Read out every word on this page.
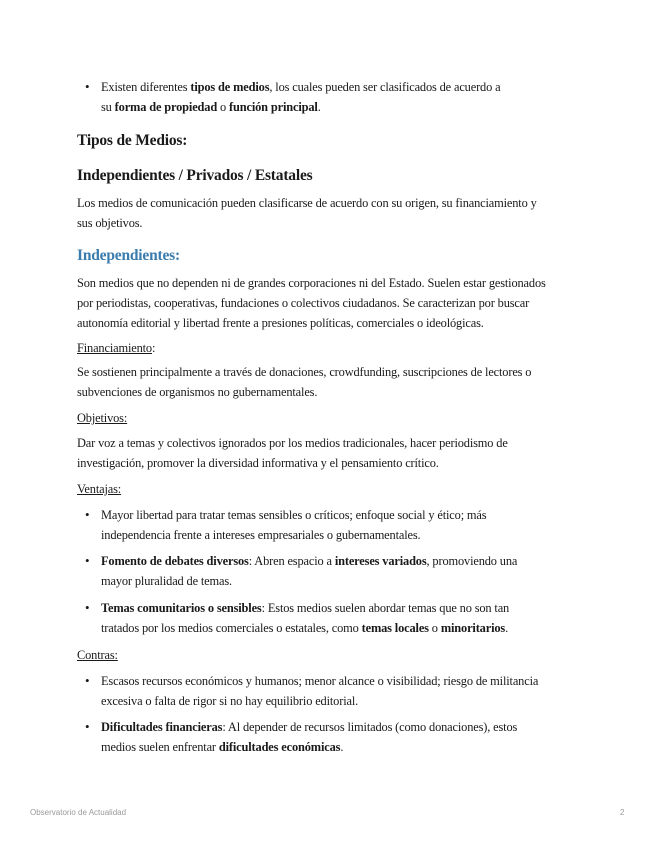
• Existen diferentes tipos de medios, los cuales pueden ser clasificados de acuerdo a
su forma de propiedad o función principal.

Tipos de Medios:

Independientes / Privados / Estatales

Los medios de comunicación pueden clasificarse de acuerdo con su origen, su financiamiento y

sus objetivos.

Independientes:

Son medios que no dependen ni de grandes corporaciones ni del Estado. Suelen estar gestionados

por periodistas, cooperativas, fundaciones o colectivos ciudadanos. Se caracterizan por buscar

autonomía editorial y libertad frente a presiones políticas, comerciales o ideológicas.

Financiamiento:

Se sostienen principalmente a través de donaciones, crowdfunding, suscripciones de lectores o

subvenciones de organismos no gubernamentales.

Objetivos:

Dar voz a temas y colectivos ignorados por los medios tradicionales, hacer periodismo de

investigación, promover la diversidad informativa y el pensamiento crítico.

Ventajas:

• Mayor libertad para tratar temas sensibles o críticos; enfoque social y ético; más
independencia frente a intereses empresariales o gubernamentales.
• Fomento de debates diversos: Abren espacio a intereses variados, promoviendo una
mayor pluralidad de temas.
• Temas comunitarios o sensibles: Estos medios suelen abordar temas que no son tan
tratados por los medios comerciales o estatales, como temas locales o minoritarios.

Contras:

• Escasos recursos económicos y humanos; menor alcance o visibilidad; riesgo de militancia
excesiva o falta de rigor si no hay equilibrio editorial.
• Dificultades financieras: Al depender de recursos limitados (como donaciones), estos
medios suelen enfrentar dificultades económicas.
Observatorio de Actualidad	2
